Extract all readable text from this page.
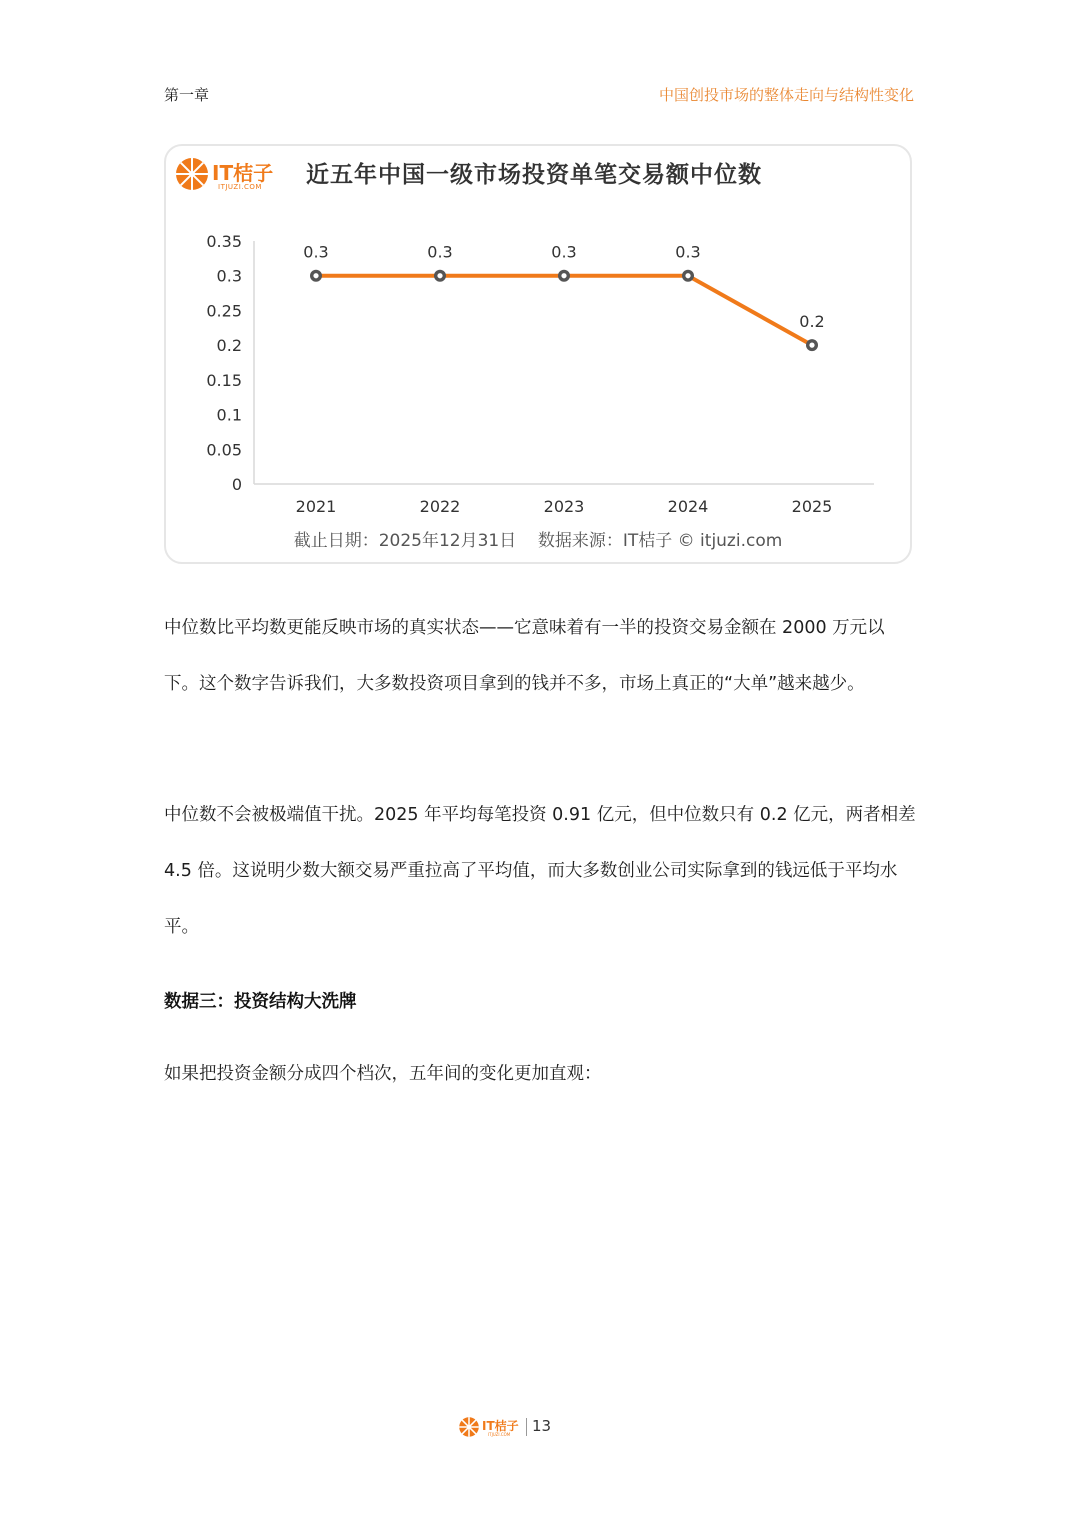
第一章	中国创投市场的整体走向与结构性变化
IT桔子
ITJUZI.COM 近五年中国一级市场投资单笔交易额中位数
0
0.05
0.1
0.15
0.2
0.25
0.3
0.35
2021	2022	2023	2024	2025
0.3	0.3	0.3	0.3
0.2
截止日期：2025年12月31日    数据来源：IT桔子 © itjuzi.com
中位数比平均数更能反映市场的真实状态——它意味着有一半的投资交易金额在 2000 万元以下。这个数字告诉我们，大多数投资项目拿到的钱并不多，市场上真正的“大单”越来越少。
中位数不会被极端值干扰。2025 年平均每笔投资 0.91 亿元，但中位数只有 0.2 亿元，两者相差 4.5 倍。这说明少数大额交易严重拉高了平均值，而大多数创业公司实际拿到的钱远低于平均水平。
数据三：投资结构大洗牌
如果把投资金额分成四个档次，五年间的变化更加直观：
IT桔子
ITJUZI.COM 13
